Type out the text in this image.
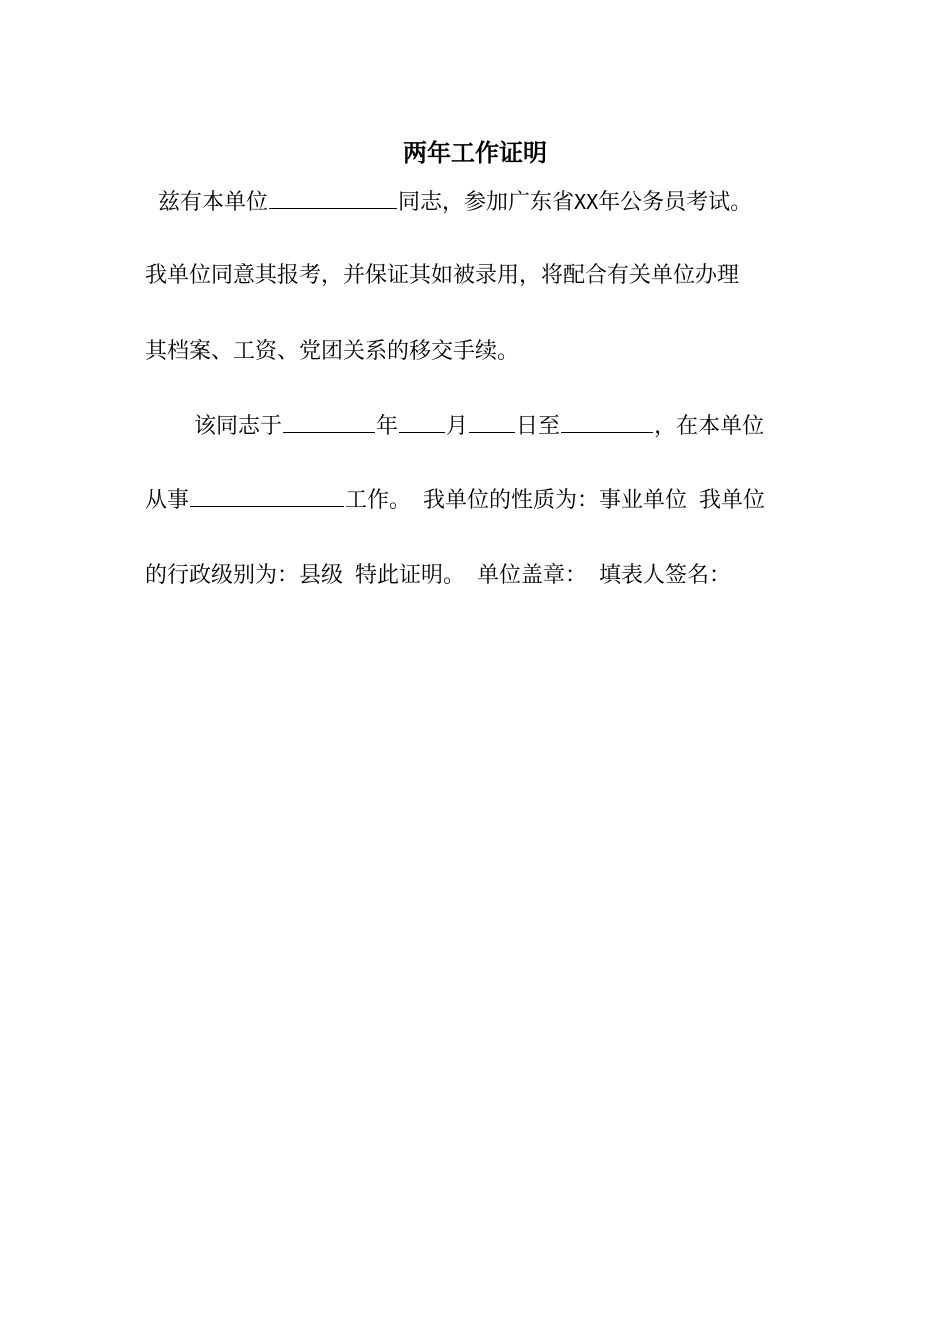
两年工作证明
兹有本单位	同志，参加广东省XX年公务员考试。
我单位同意其报考，并保证其如被录用，将配合有关单位办理
其档案、工资、党团关系的移交手续。
该同志于	年 月 日至	，在本单位
从事	工作。 我单位的性质为：事业单位 我单位
的行政级别为：县级 特此证明。 单位盖章： 填表人签名：
